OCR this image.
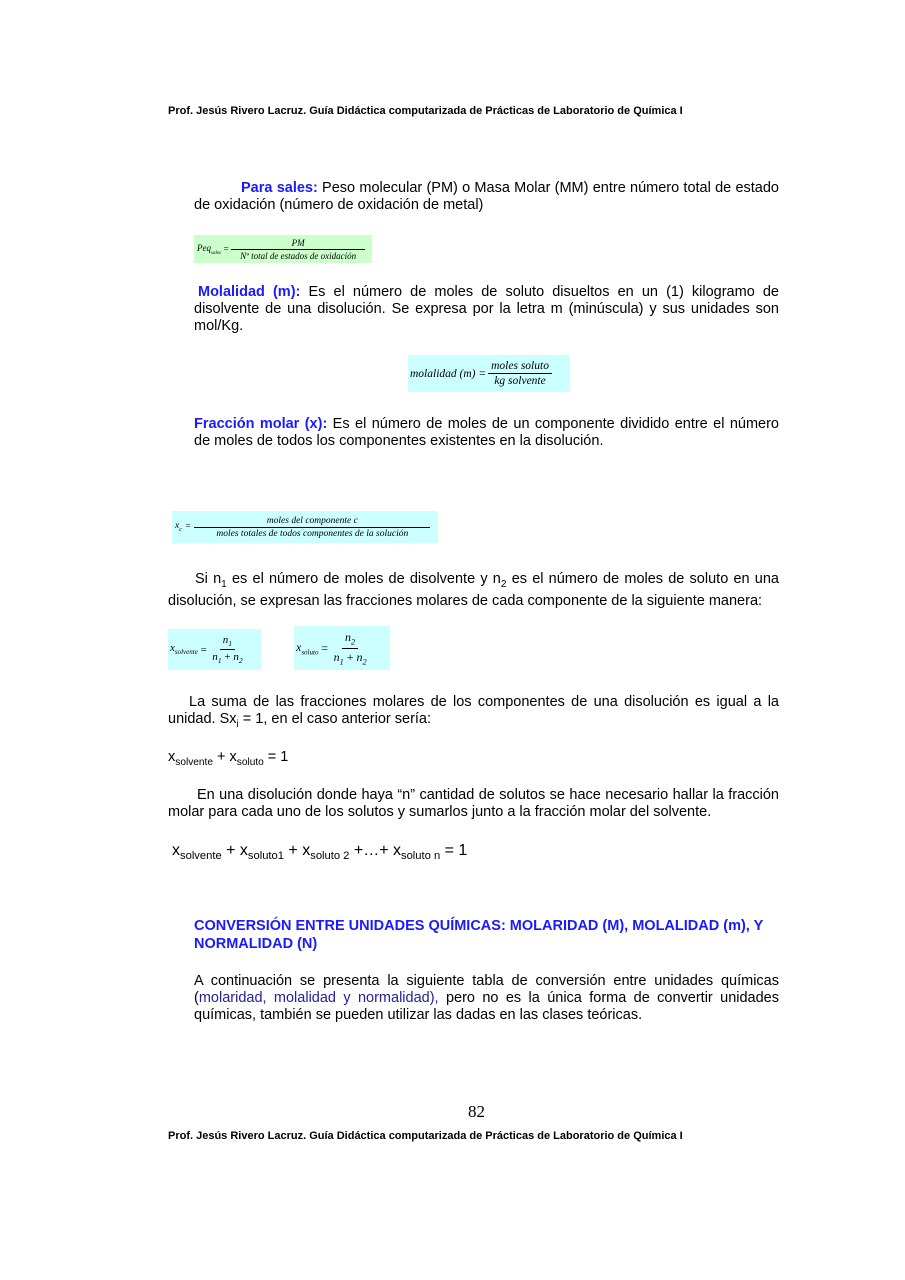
Prof. Jesús Rivero Lacruz. Guía Didáctica computarizada de Prácticas de Laboratorio de Química I
Para sales: Peso molecular (PM) o Masa Molar (MM) entre número total de estado de oxidación (número de oxidación de metal)
$Peq_{sales} = \frac{PM}{\text{Nº total de estados de oxidación}}$
Molalidad (m): Es el número de moles de soluto disueltos en un (1) kilogramo de disolvente de una disolución. Se expresa por la letra m (minúscula) y sus unidades son mol/Kg.
molalidad $(m) = \frac{\text{moles soluto}}{\text{kg solvente}}$
Fracción molar (x): Es el número de moles de un componente dividido entre el número de moles de todos los componentes existentes en la disolución.
$x_c = \frac{\text{moles del componente c}}{\text{moles totales de todos componentes de la solución}}$
Si $n_1$ es el número de moles de disolvente y $n_2$ es el número de moles de soluto en una disolución, se expresan las fracciones molares de cada componente de la siguiente manera:
$x_{solvente} = \frac{n_1}{n_1 + n_2}$	$x_{soluto} = \frac{n_2}{n_1 + n_2}$
La suma de las fracciones molares de los componentes de una disolución es igual a la unidad. $Sx_i = 1$, en el caso anterior sería:
$x_{solvente} + x_{soluto} = 1$
En una disolución donde haya “n” cantidad de solutos se hace necesario hallar la fracción molar para cada uno de los solutos y sumarlos junto a la fracción molar del solvente.
$x_{solvente} + x_{soluto1} + x_{soluto 2}$ +…+ $x_{soluto n} = 1$
CONVERSIÓN ENTRE UNIDADES QUÍMICAS: MOLARIDAD (M), MOLALIDAD (m), Y NORMALIDAD (N)
A continuación se presenta la siguiente tabla de conversión entre unidades químicas (molaridad, molalidad y normalidad), pero no es la única forma de convertir unidades químicas, también se pueden utilizar las dadas en las clases teóricas.
82
Prof. Jesús Rivero Lacruz. Guía Didáctica computarizada de Prácticas de Laboratorio de Química I
